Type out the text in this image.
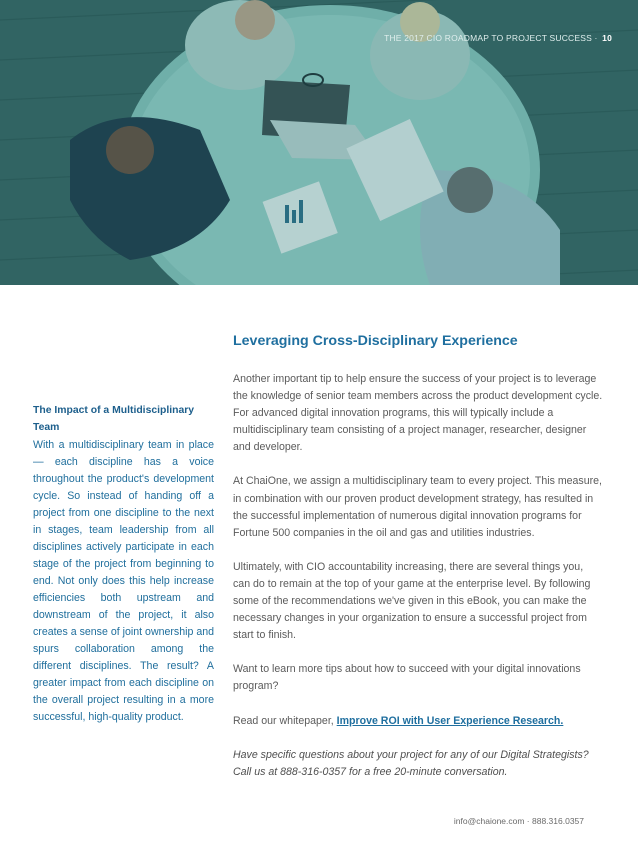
THE 2017 CIO ROADMAP TO PROJECT SUCCESS · 10
The Impact of a Multidisciplinary Team

With a multidisciplinary team in place — each discipline has a voice throughout the product's development cycle. So instead of handing off a project from one discipline to the next in stages, team leadership from all disciplines actively participate in each stage of the project from beginning to end. Not only does this help increase efficiencies both upstream and downstream of the project, it also creates a sense of joint ownership and spurs collaboration among the different disciplines. The result? A greater impact from each discipline on the overall project resulting in a more successful, high-quality product.

Leveraging Cross-Disciplinary Experience

Another important tip to help ensure the success of your project is to leverage the knowledge of senior team members across the product development cycle. For advanced digital innovation programs, this will typically include a multidisciplinary team consisting of a project manager, researcher, designer and developer.

At ChaiOne, we assign a multidisciplinary team to every project. This measure, in combination with our proven product development strategy, has resulted in the successful implementation of numerous digital innovation programs for Fortune 500 companies in the oil and gas and utilities industries.

Ultimately, with CIO accountability increasing, there are several things you, can do to remain at the top of your game at the enterprise level. By following some of the recommendations we've given in this eBook, you can make the necessary changes in your organization to ensure a successful project from start to finish.

Want to learn more tips about how to succeed with your digital innovations program?

Read our whitepaper, Improve ROI with User Experience Research.

Have specific questions about your project for any of our Digital Strategists? Call us at 888-316-0357 for a free 20-minute conversation.

info@chaione.com · 888.316.0357
